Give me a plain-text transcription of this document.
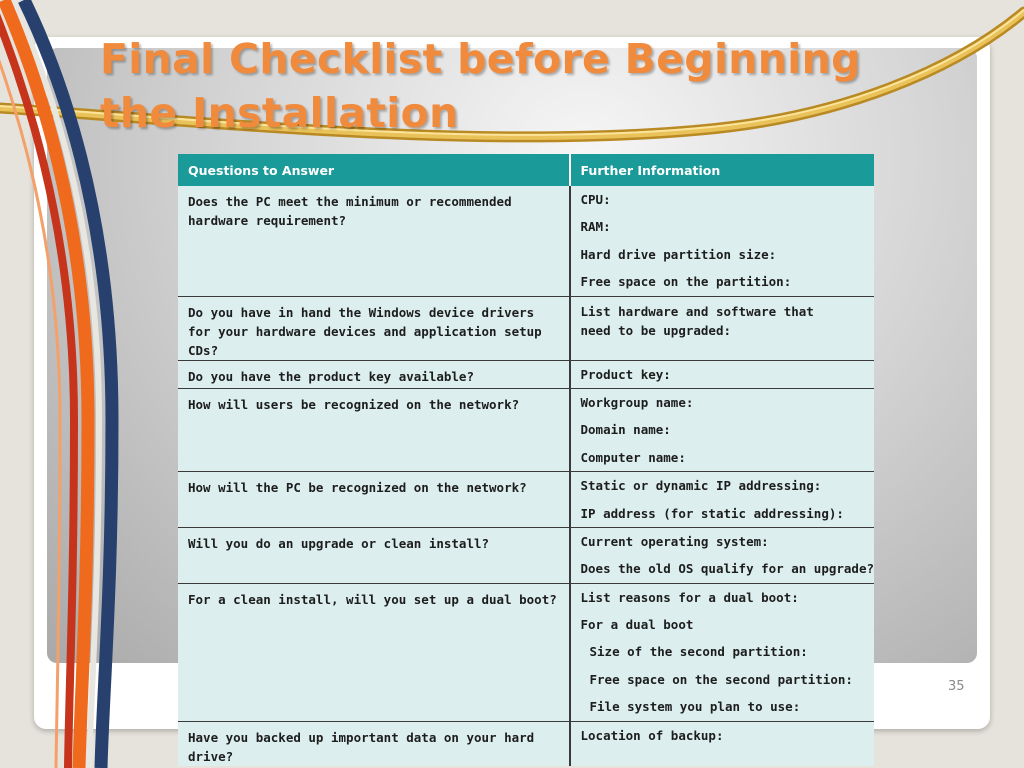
Questions to Answer	Further Information
Does the PC meet the minimum or recommended hardware requirement?	CPU:
RAM:
Hard drive partition size:
Free space on the partition:

Do you have in hand the Windows device drivers for your hardware devices and application setup CDs?	List hardware and software that need to be upgraded:

Do you have the product key available?	Product key:

How will users be recognized on the network?	Workgroup name:
Domain name:
Computer name:

How will the PC be recognized on the network?	Static or dynamic IP addressing:
IP address (for static addressing):

Will you do an upgrade or clean install?	Current operating system:
Does the old OS qualify for an upgrade?

For a clean install, will you set up a dual boot?	List reasons for a dual boot:
For a dual boot
Size of the second partition:
Free space on the second partition:
File system you plan to use:

Have you backed up important data on your hard drive?	Location of backup:
Final Checklist before Beginning the Installation
35
